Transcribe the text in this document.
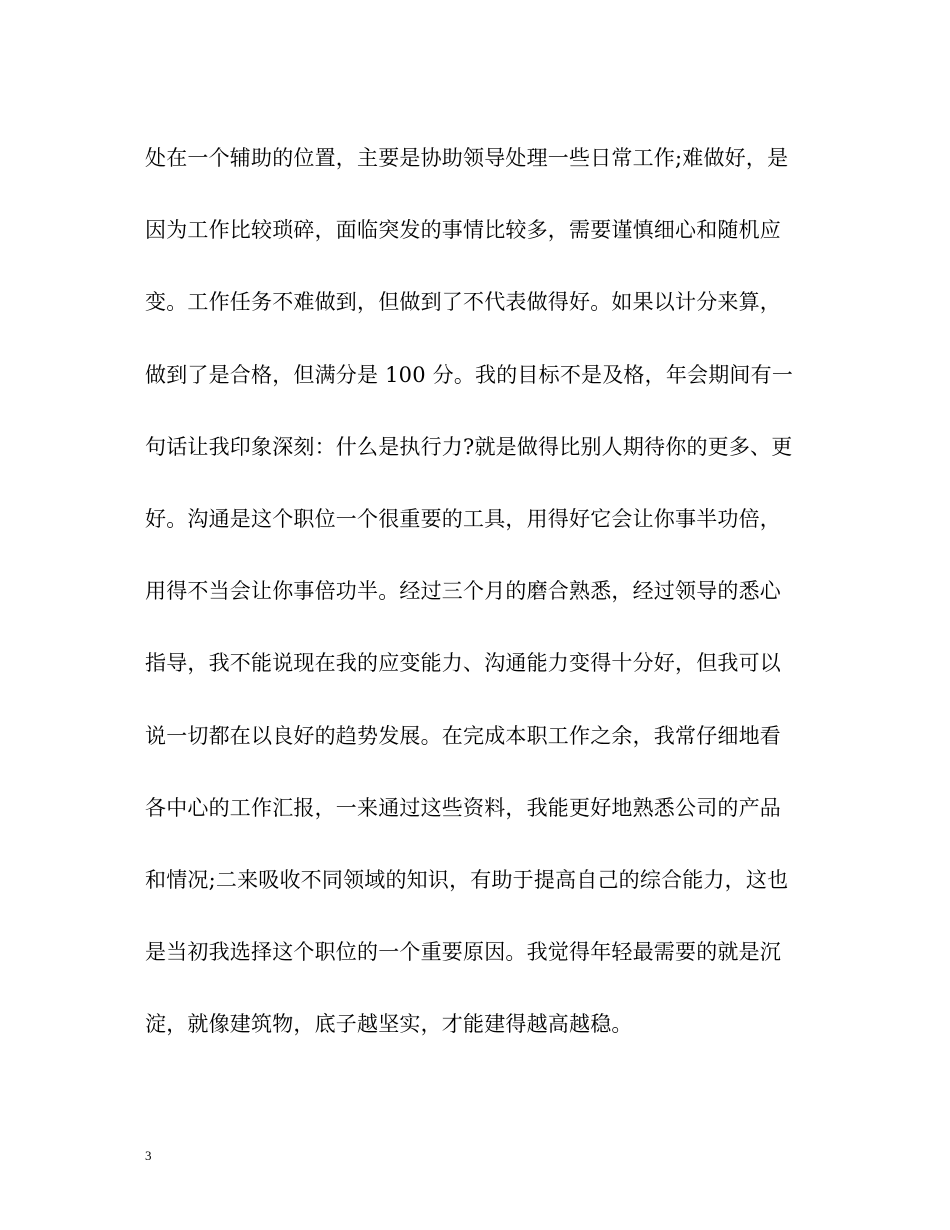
处在一个辅助的位置，主要是协助领导处理一些日常工作;难做好，是
因为工作比较琐碎，面临突发的事情比较多，需要谨慎细心和随机应
变。工作任务不难做到，但做到了不代表做得好。如果以计分来算，
做到了是合格，但满分是 100 分。我的目标不是及格，年会期间有一
句话让我印象深刻：什么是执行力?就是做得比别人期待你的更多、更
好。沟通是这个职位一个很重要的工具，用得好它会让你事半功倍，
用得不当会让你事倍功半。经过三个月的磨合熟悉，经过领导的悉心
指导，我不能说现在我的应变能力、沟通能力变得十分好，但我可以
说一切都在以良好的趋势发展。在完成本职工作之余，我常仔细地看
各中心的工作汇报，一来通过这些资料，我能更好地熟悉公司的产品
和情况;二来吸收不同领域的知识，有助于提高自己的综合能力，这也
是当初我选择这个职位的一个重要原因。我觉得年轻最需要的就是沉
淀，就像建筑物，底子越坚实，才能建得越高越稳。
3
